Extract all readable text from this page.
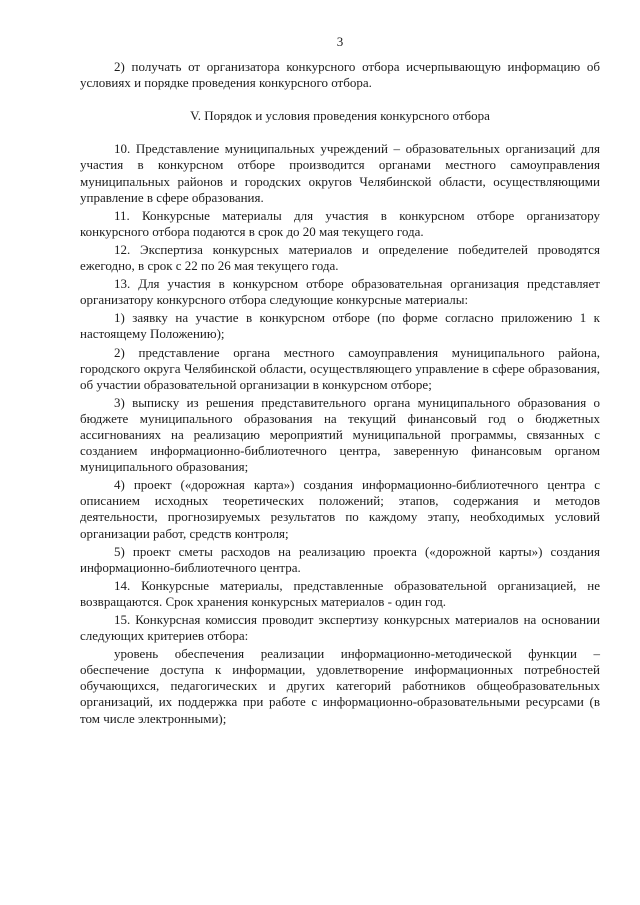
3

2) получать от организатора конкурсного отбора исчерпывающую информацию об условиях и порядке проведения конкурсного отбора.

V. Порядок и условия проведения конкурсного отбора

10. Представление муниципальных учреждений – образовательных организаций для участия в конкурсном отборе производится органами местного самоуправления муниципальных районов и городских округов Челябинской области, осуществляющими управление в сфере образования.

11. Конкурсные материалы для участия в конкурсном отборе организатору конкурсного отбора подаются в срок до 20 мая текущего года.

12. Экспертиза конкурсных материалов и определение победителей проводятся ежегодно, в срок с 22 по 26 мая текущего года.

13. Для участия в конкурсном отборе образовательная организация представляет организатору конкурсного отбора следующие конкурсные материалы:

1) заявку на участие в конкурсном отборе (по форме согласно приложению 1 к настоящему Положению);

2) представление органа местного самоуправления муниципального района, городского округа Челябинской области, осуществляющего управление в сфере образования, об участии образовательной организации в конкурсном отборе;

3) выписку из решения представительного органа муниципального образования о бюджете муниципального образования на текущий финансовый год о бюджетных ассигнованиях на реализацию мероприятий муниципальной программы, связанных с созданием информационно-библиотечного центра, заверенную финансовым органом муниципального образования;

4) проект («дорожная карта») создания информационно-библиотечного центра с описанием исходных теоретических положений; этапов, содержания и методов деятельности, прогнозируемых результатов по каждому этапу, необходимых условий организации работ, средств контроля;

5) проект сметы расходов на реализацию проекта («дорожной карты») создания информационно-библиотечного центра.

14. Конкурсные материалы, представленные образовательной организацией, не возвращаются. Срок хранения конкурсных материалов - один год.

15. Конкурсная комиссия проводит экспертизу конкурсных материалов на основании следующих критериев отбора:

уровень обеспечения реализации информационно-методической функции – обеспечение доступа к информации, удовлетворение информационных потребностей обучающихся, педагогических и других категорий работников общеобразовательных организаций, их поддержка при работе с информационно-образовательными ресурсами (в том числе электронными);
